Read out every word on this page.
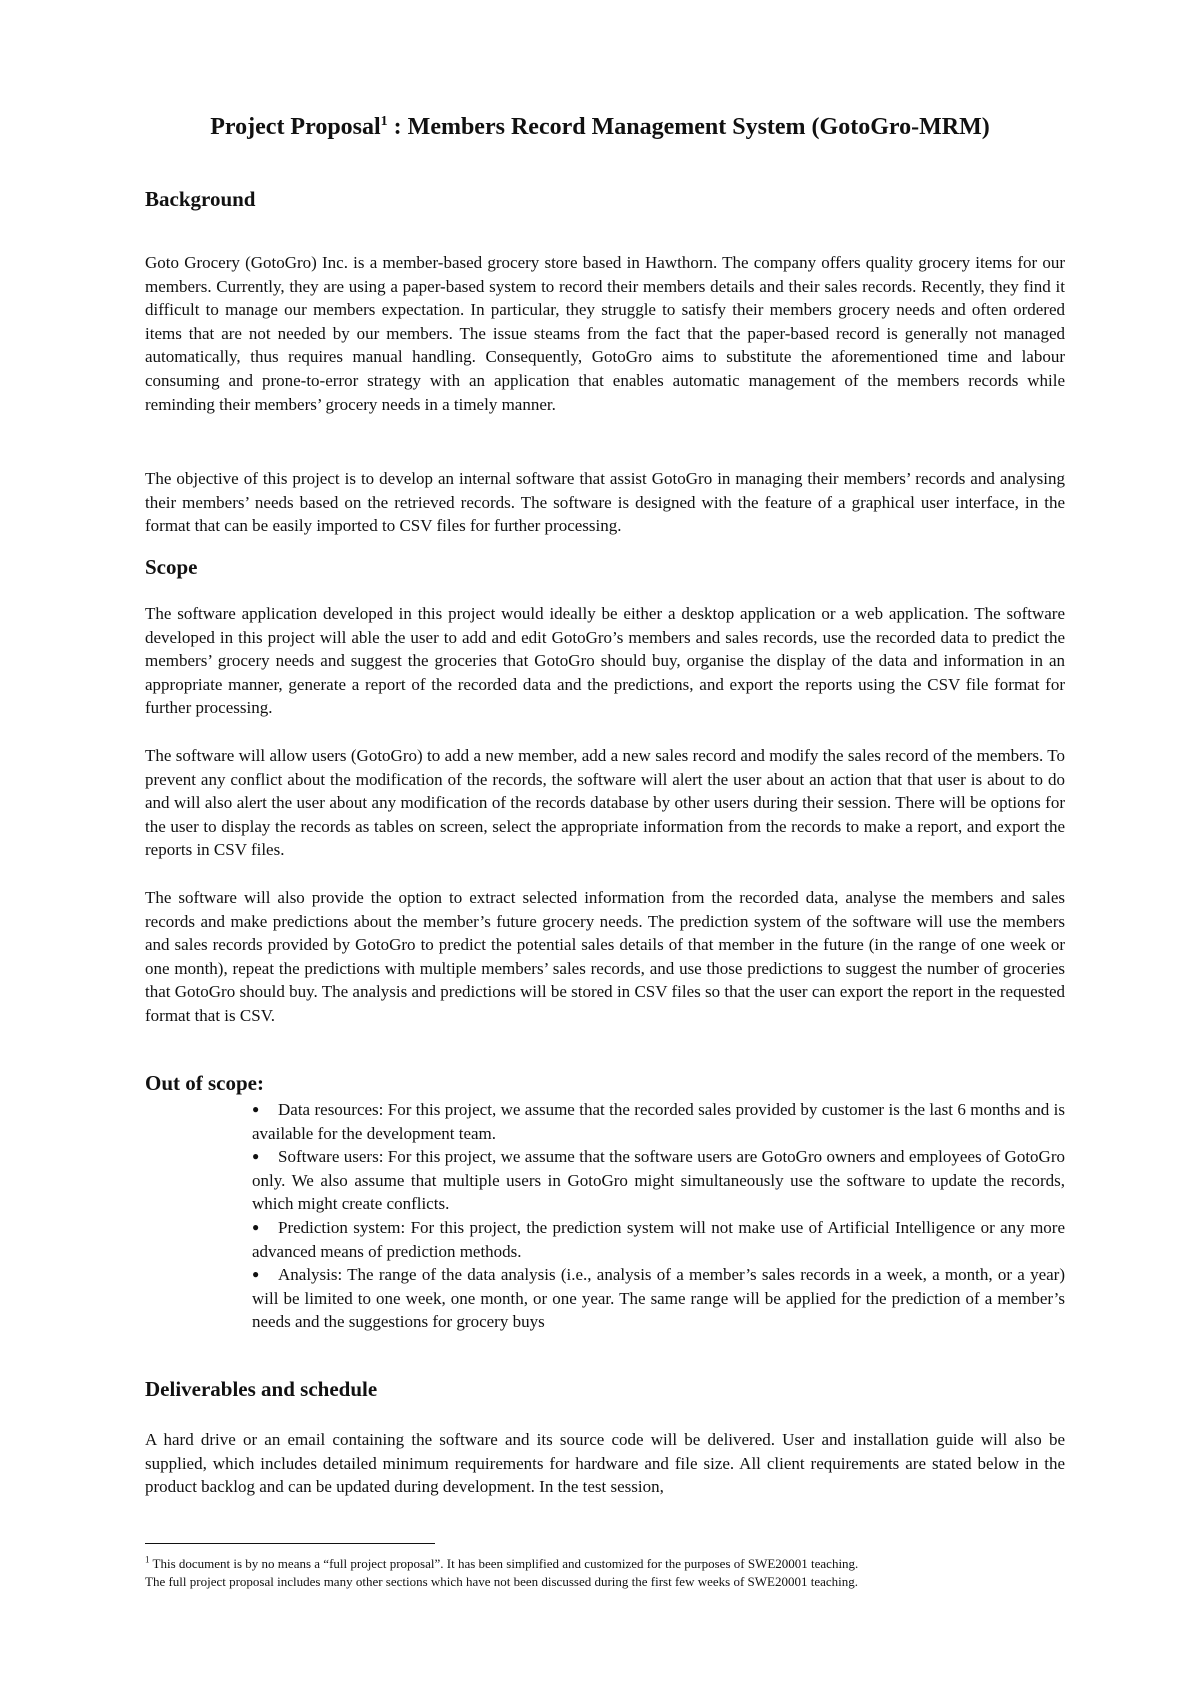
Project Proposal$^1$ : Members Record Management System (GotoGro-MRM)
Background

Goto Grocery (GotoGro) Inc. is a member-based grocery store based in Hawthorn. The company offers quality grocery items for our members. Currently, they are using a paper-based system to record their members details and their sales records. Recently, they find it difficult to manage our members expectation. In particular, they struggle to satisfy their members grocery needs and often ordered items that are not needed by our members. The issue steams from the fact that the paper-based record is generally not managed automatically, thus requires manual handling. Consequently, GotoGro aims to substitute the aforementioned time and labour consuming and prone-to-error strategy with an application that enables automatic management of the members records while reminding their members’ grocery needs in a timely manner.

The objective of this project is to develop an internal software that assist GotoGro in managing their members’ records and analysing their members’ needs based on the retrieved records. The software is designed with the feature of a graphical user interface, in the format that can be easily imported to CSV files for further processing.

Scope

The software application developed in this project would ideally be either a desktop application or a web application. The software developed in this project will able the user to add and edit GotoGro’s members and sales records, use the recorded data to predict the members’ grocery needs and suggest the groceries that GotoGro should buy, organise the display of the data and information in an appropriate manner, generate a report of the recorded data and the predictions, and export the reports using the CSV file format for further processing.

The software will allow users (GotoGro) to add a new member, add a new sales record and modify the sales record of the members. To prevent any conflict about the modification of the records, the software will alert the user about an action that that user is about to do and will also alert the user about any modification of the records database by other users during their session. There will be options for the user to display the records as tables on screen, select the appropriate information from the records to make a report, and export the reports in CSV files.

The software will also provide the option to extract selected information from the recorded data, analyse the members and sales records and make predictions about the member’s future grocery needs. The prediction system of the software will use the members and sales records provided by GotoGro to predict the potential sales details of that member in the future (in the range of one week or one month), repeat the predictions with multiple members’ sales records, and use those predictions to suggest the number of groceries that GotoGro should buy. The analysis and predictions will be stored in CSV files so that the user can export the report in the requested format that is CSV.

Out of scope:
● Data resources: For this project, we assume that the recorded sales provided by customer is the last 6 months and is available for the development team.
● Software users: For this project, we assume that the software users are GotoGro owners and employees of GotoGro only. We also assume that multiple users in GotoGro might simultaneously use the software to update the records, which might create conflicts.
● Prediction system: For this project, the prediction system will not make use of Artificial Intelligence or any more advanced means of prediction methods.
● Analysis: The range of the data analysis (i.e., analysis of a member’s sales records in a week, a month, or a year) will be limited to one week, one month, or one year. The same range will be applied for the prediction of a member’s needs and the suggestions for grocery buys
Deliverables and schedule

A hard drive or an email containing the software and its source code will be delivered. User and installation guide will also be supplied, which includes detailed minimum requirements for hardware and file size. All client requirements are stated below in the product backlog and can be updated during development. In the test session,

$^1$ This document is by no means a “full project proposal”. It has been simplified and customized for the purposes of SWE20001 teaching.
The full project proposal includes many other sections which have not been discussed during the first few weeks of SWE20001 teaching.
